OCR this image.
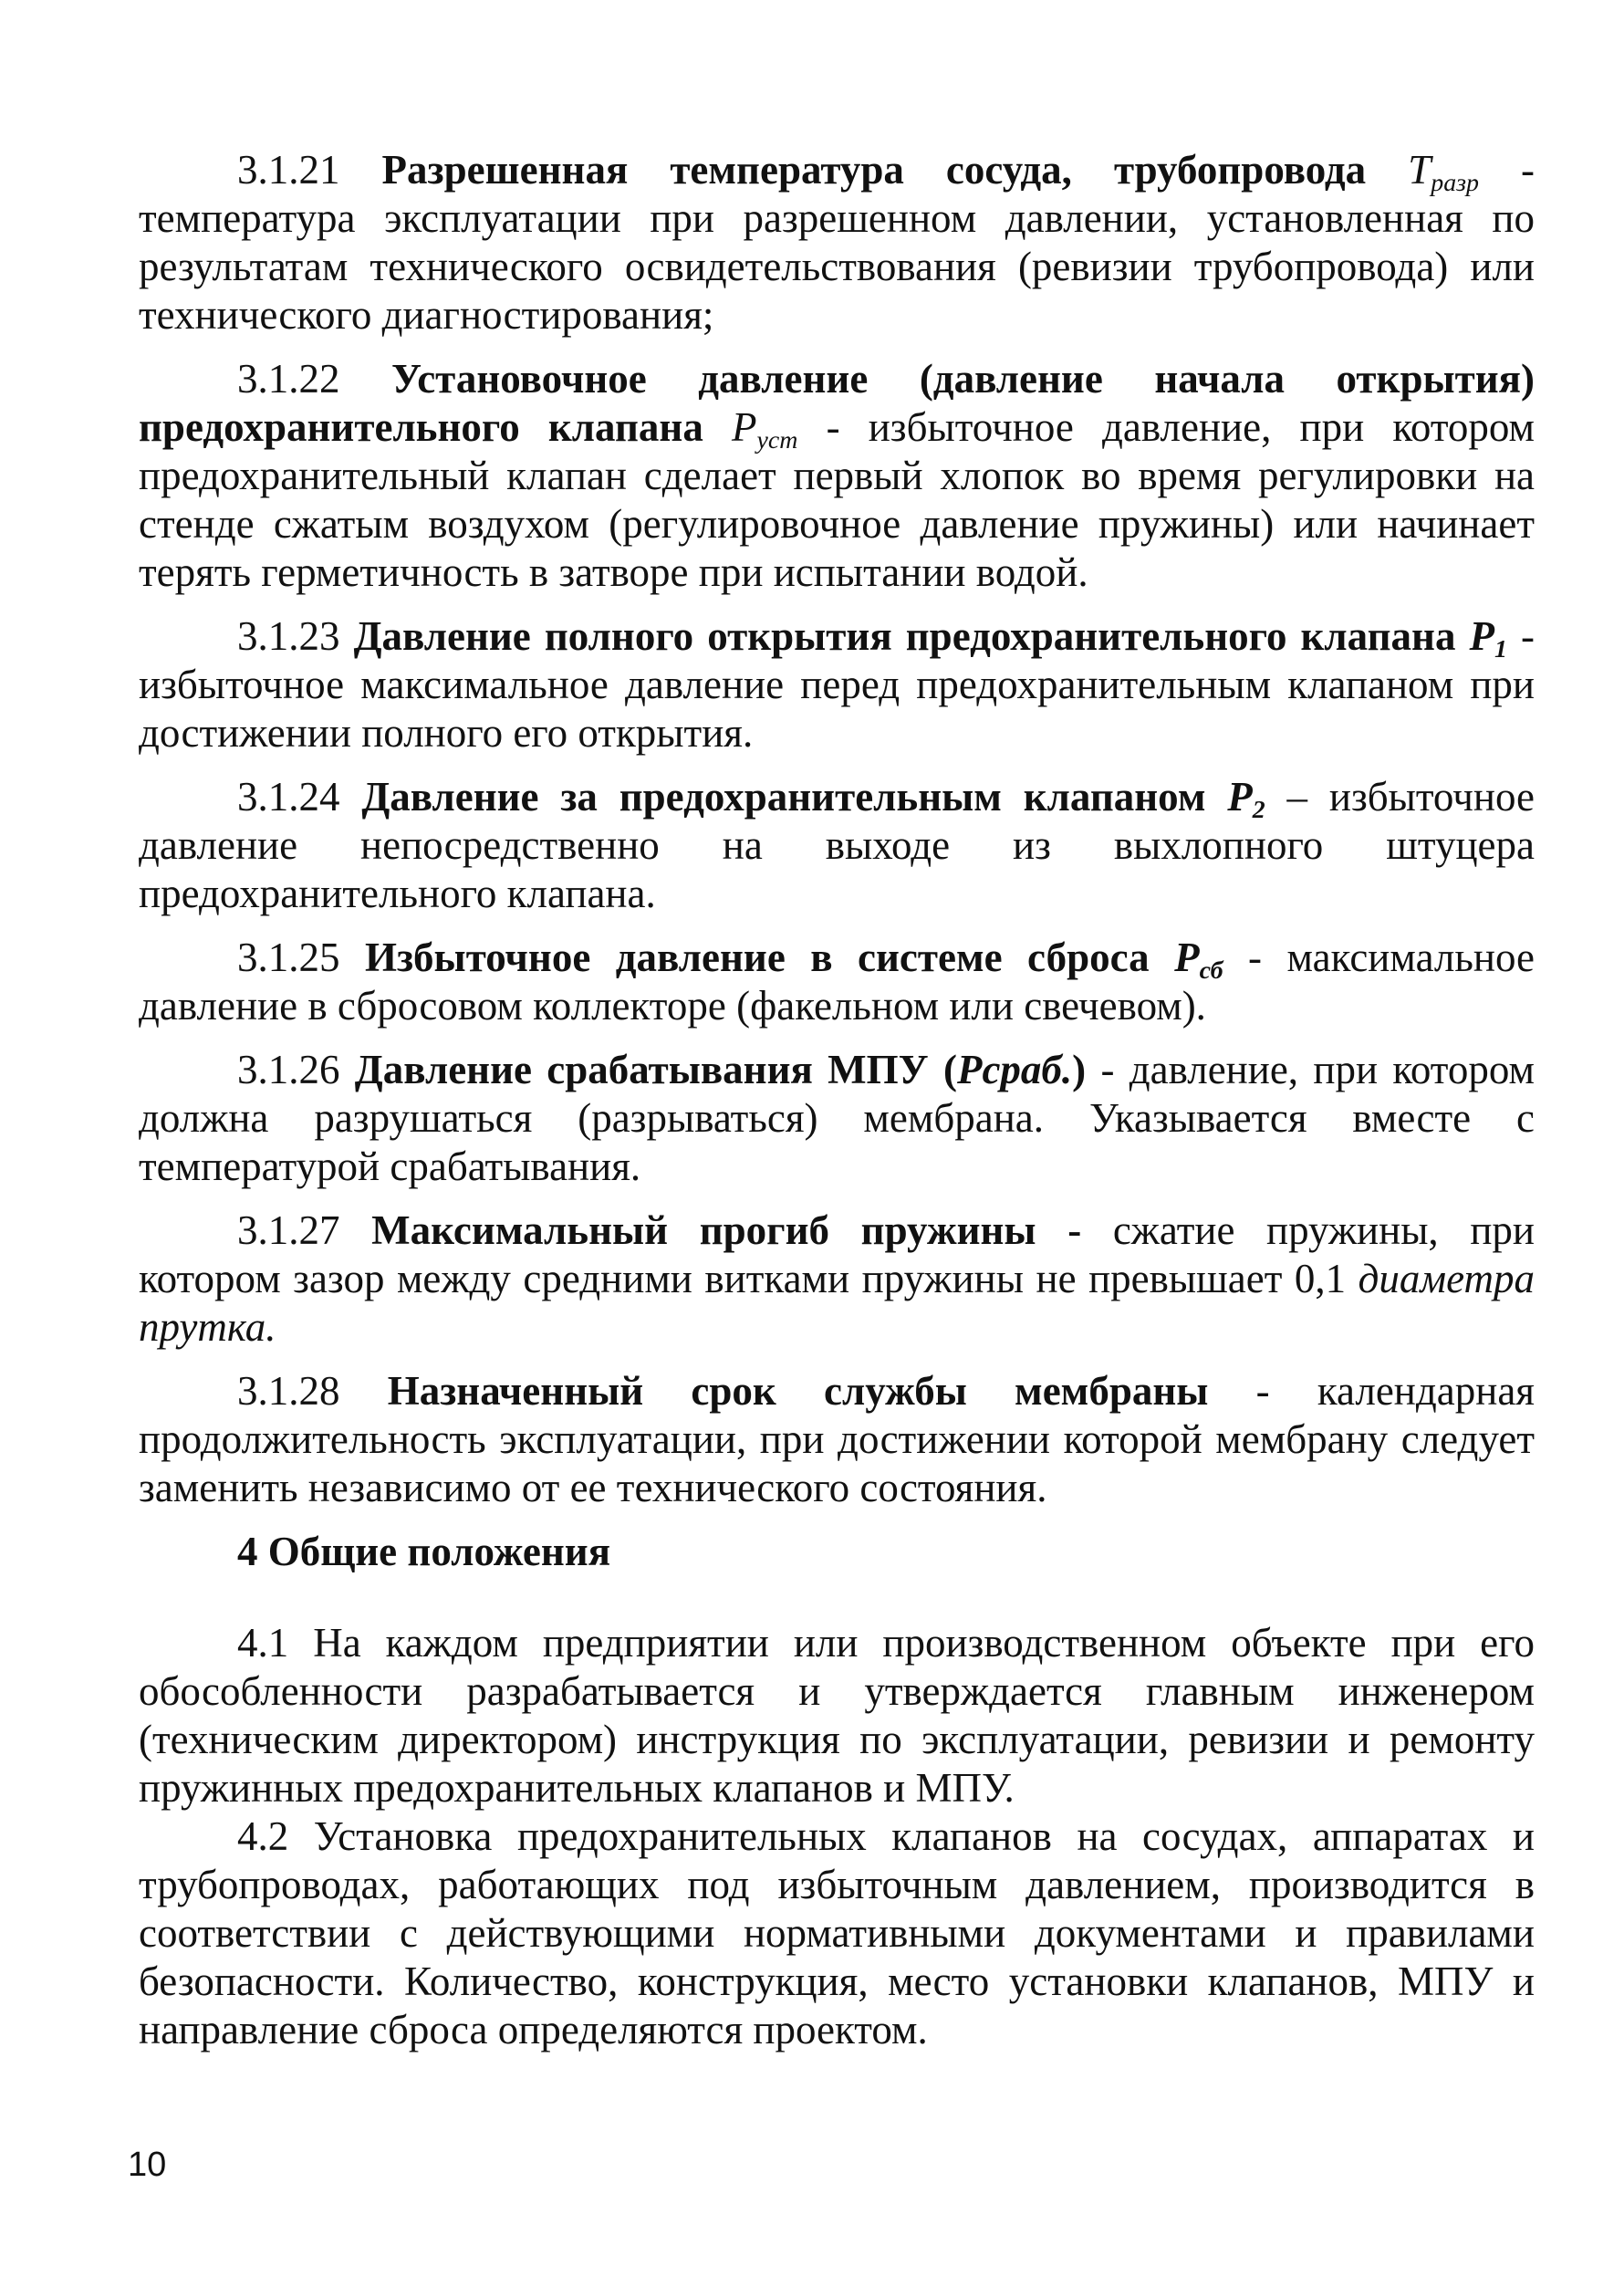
3.1.21 Разрешенная температура сосуда, трубопровода $T_{разр}$ - температура эксплуатации при разрешенном давлении, установленная по результатам технического освидетельствования (ревизии трубопровода) или технического диагностирования;

3.1.22 Установочное давление (давление начала открытия) предохранительного клапана $P_{уст}$ - избыточное давление, при котором предохранительный клапан сделает первый хлопок во время регулировки на стенде сжатым воздухом (регулировочное давление пружины) или начинает терять герметичность в затворе при испытании водой.

3.1.23 Давление полного открытия предохранительного клапана $P_1$ - избыточное максимальное давление перед предохранительным клапаном при достижении полного его открытия.

3.1.24 Давление за предохранительным клапаном $P_2$ – избыточное давление непосредственно на выходе из выхлопного штуцера предохранительного клапана.

3.1.25 Избыточное давление в системе сброса $P_{сб}$ - максимальное давление в сбросовом коллекторе (факельном или свечевом).

3.1.26 Давление срабатывания МПУ (Рсраб.) - давление, при котором должна разрушаться (разрываться) мембрана. Указывается вместе с температурой срабатывания.

3.1.27 Максимальный прогиб пружины - сжатие пружины, при котором зазор между средними витками пружины не превышает 0,1 диаметра прутка.

3.1.28 Назначенный срок службы мембраны - календарная продолжительность эксплуатации, при достижении которой мембрану следует заменить независимо от ее технического состояния.

4 Общие положения

4.1 На каждом предприятии или производственном объекте при его обособленности разрабатывается и утверждается главным инженером (техническим директором) инструкция по эксплуатации, ревизии и ремонту пружинных предохранительных клапанов и МПУ.

4.2 Установка предохранительных клапанов на сосудах, аппаратах и трубопроводах, работающих под избыточным давлением, производится в соответствии с действующими нормативными документами и правилами безопасности. Количество, конструкция, место установки клапанов, МПУ и направление сброса определяются проектом.

10
